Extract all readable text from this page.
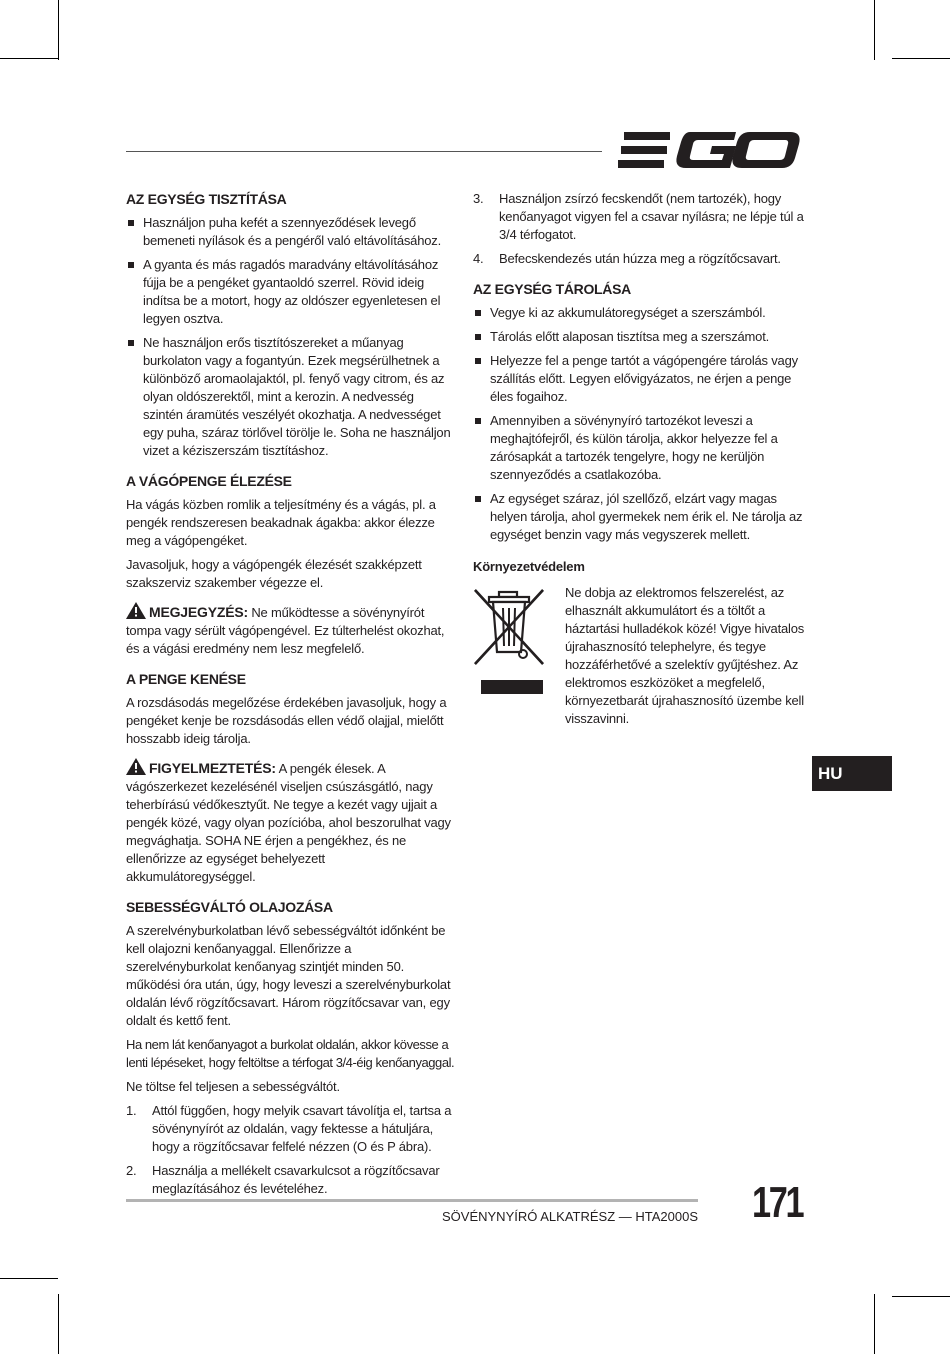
AZ EGYSÉG TISZTÍTÁSA
Használjon puha kefét a szennyeződések levegő bemeneti nyílások és a pengéről való eltávolításához.
A gyanta és más ragadós maradvány eltávolításához fújja be a pengéket gyantaoldó szerrel. Rövid ideig indítsa be a motort, hogy az oldószer egyenletesen el legyen osztva.
Ne használjon erős tisztítószereket a műanyag burkolaton vagy a fogantyún. Ezek megsérülhetnek a különböző aromaolajaktól, pl. fenyő vagy citrom, és az olyan oldószerektől, mint a kerozin. A nedvesség szintén áramütés veszélyét okozhatja. A nedvességet egy puha, száraz törlővel törölje le. Soha ne használjon vizet a kéziszerszám tisztításhoz.
A VÁGÓPENGE ÉLEZÉSE

Ha vágás közben romlik a teljesítmény és a vágás, pl. a pengék rendszeresen beakadnak ágakba: akkor élezze meg a vágópengéket.

Javasoljuk, hogy a vágópengék élezését szakképzett szakszerviz szakember végezze el.

MEGJEGYZÉS: Ne működtesse a sövénynyírót tompa vagy sérült vágópengével. Ez túlterhelést okozhat, és a vágási eredmény nem lesz megfelelő.

A PENGE KENÉSE

A rozsdásodás megelőzése érdekében javasoljuk, hogy a pengéket kenje be rozsdásodás ellen védő olajjal, mielőtt hosszabb ideig tárolja.

FIGYELMEZTETÉS: A pengék élesek. A vágószerkezet kezelésénél viseljen csúszásgátló, nagy teherbírású védőkesztyűt. Ne tegye a kezét vagy ujjait a pengék közé, vagy olyan pozícióba, ahol beszorulhat vagy megvághatja. SOHA NE érjen a pengékhez, és ne ellenőrizze az egységet behelyezett akkumulátoregységgel.

SEBESSÉGVÁLTÓ OLAJOZÁSA

A szerelvényburkolatban lévő sebességváltót időnként be kell olajozni kenőanyaggal. Ellenőrizze a szerelvényburkolat kenőanyag szintjét minden 50. működési óra után, úgy, hogy leveszi a szerelvényburkolat oldalán lévő rögzítőcsavart. Három rögzítőcsavar van, egy oldalt és kettő fent.

Ha nem lát kenőanyagot a burkolat oldalán, akkor kövesse a lenti lépéseket, hogy feltöltse a térfogat 3/4-éig kenőanyaggal.

Ne töltse fel teljesen a sebességváltót.

1. Attól függően, hogy melyik csavart távolítja el, tartsa a sövénynyírót az oldalán, vagy fektesse a hátuljára, hogy a rögzítőcsavar felfelé nézzen (O és P ábra).
2. Használja a mellékelt csavarkulcsot a rögzítőcsavar meglazításához és levételéhez.
3. Használjon zsírzó fecskendőt (nem tartozék), hogy kenőanyagot vigyen fel a csavar nyílásra; ne lépje túl a 3/4 térfogatot.
4. Befecskendezés után húzza meg a rögzítőcsavart.
AZ EGYSÉG TÁROLÁSA
Vegye ki az akkumulátoregységet a szerszámból.
Tárolás előtt alaposan tisztítsa meg a szerszámot.
Helyezze fel a penge tartót a vágópengére tárolás vagy szállítás előtt. Legyen elővigyázatos, ne érjen a penge éles fogaihoz.
Amennyiben a sövénynyíró tartozékot leveszi a meghajtófejről, és külön tárolja, akkor helyezze fel a zárósapkát a tartozék tengelyre, hogy ne kerüljön szennyeződés a csatlakozóba.
Az egységet száraz, jól szellőző, elzárt vagy magas helyen tárolja, ahol gyermekek nem érik el. Ne tárolja az egységet benzin vagy más vegyszerek mellett.
Környezetvédelem
Ne dobja az elektromos felszerelést, az elhasznált akkumulátort és a töltőt a háztartási hulladékok közé! Vigye hivatalos újrahasznosító telephelyre, és tegye hozzáférhetővé a szelektív gyűjtéshez. Az elektromos eszközöket a megfelelő, környezetbarát újrahasznosító üzembe kell visszavinni.
HU
SÖVÉNYNYÍRÓ ALKATRÉSZ — HTA2000S 171
